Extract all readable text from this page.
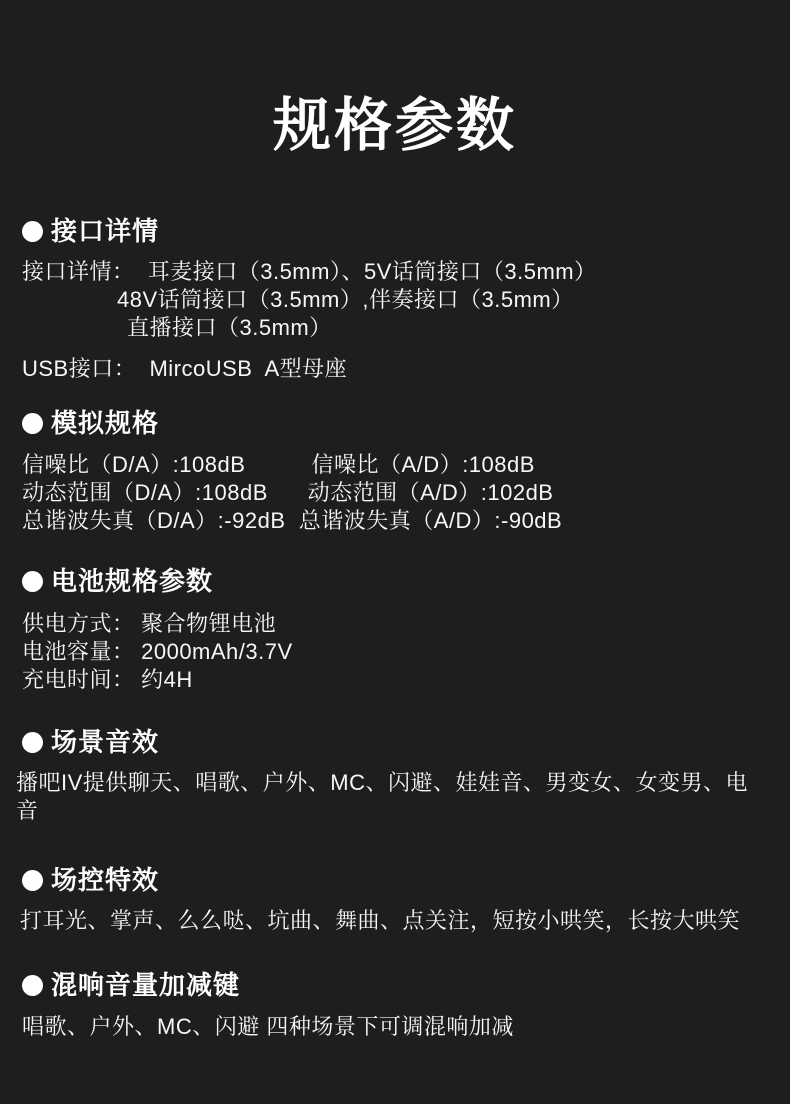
规格参数
接口详情
接口详情：  耳麦接口（3.5mm）、5V话筒接口（3.5mm）
48V话筒接口（3.5mm）,伴奏接口（3.5mm）
直播接口（3.5mm）
USB接口：  MircoUSB  A型母座
模拟规格
信噪比（D/A）:108dB          信噪比（A/D）:108dB
动态范围（D/A）:108dB      动态范围（A/D）:102dB
总谐波失真（D/A）:-92dB  总谐波失真（A/D）:-90dB
电池规格参数
供电方式： 聚合物锂电池
电池容量： 2000mAh/3.7V
充电时间： 约4H
场景音效
播吧IV提供聊天、唱歌、户外、MC、闪避、娃娃音、男变女、女变男、电音
场控特效
打耳光、掌声、么么哒、坑曲、舞曲、点关注，短按小哄笑，长按大哄笑
混响音量加减键
唱歌、户外、MC、闪避 四种场景下可调混响加减
